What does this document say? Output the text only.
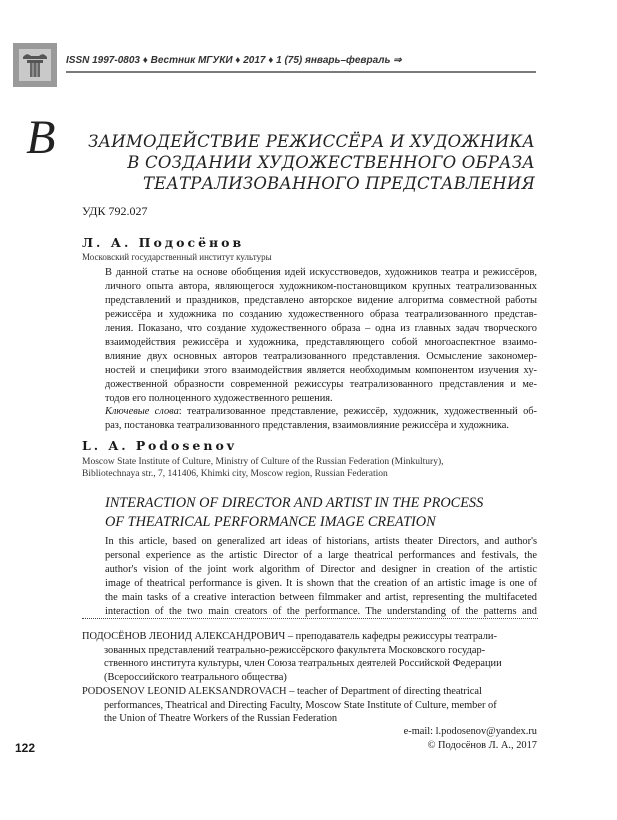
ISSN 1997-0803 ♦ Вестник МГУКИ ♦ 2017 ♦ 1 (75) январь–февраль ⇒
В ЗАИМОДЕЙСТВИЕ РЕЖИССЁРА И ХУДОЖНИКА
В СОЗДАНИИ ХУДОЖЕСТВЕННОГО ОБРАЗА
ТЕАТРАЛИЗОВАННОГО ПРЕДСТАВЛЕНИЯ
УДК 792.027
Л. А. Подосёнов
Московский государственный институт культуры
В данной статье на основе обобщения идей искусствоведов, художников театра и режиссёров,
личного опыта автора, являющегося художником-постановщиком крупных театрализованных
представлений и праздников, представлено авторское видение алгоритма совместной работы
режиссёра и художника по созданию художественного образа театрализованного представ-
ления. Показано, что создание художественного образа – одна из главных задач творческого
взаимодействия режиссёра и художника, представляющего собой многоаспектное взаимо-
влияние двух основных авторов театрализованного представления. Осмысление закономер-
ностей и специфики этого взаимодействия является необходимым компонентом изучения ху-
дожественной образности современной режиссуры театрализованного представления и ме-
тодов его полноценного художественного решения.
Ключевые слова: театрализованное представление, режиссёр, художник, художественный об-
раз, постановка театрализованного представления, взаимовлияние режиссёра и художника.
L. A. Podosenov
Moscow State Institute of Culture, Ministry of Culture of the Russian Federation (Minkultury),
Bibliotechnaya str., 7, 141406, Khimki city, Moscow region, Russian Federation
INTERACTION OF DIRECTOR AND ARTIST IN THE PROCESS
OF THEATRICAL PERFORMANCE IMAGE CREATION
In this article, based on generalized art ideas of historians, artists theater Directors, and author's
personal experience as the artistic Director of a large theatrical performances and festivals, the
author's vision of the joint work algorithm of Director and designer in creation of the artistic
image of theatrical performance is given. It is shown that the creation of an artistic image is one of
the main tasks of a creative interaction between filmmaker and artist, representing the multifaceted
interaction of the two main creators of the performance. The understanding of the patterns and
ПОДОСЁНОВ ЛЕОНИД АЛЕКСАНДРОВИЧ – преподаватель кафедры режиссуры театрали-
зованных представлений театрально-режиссёрского факультета Московского государ-
ственного института культуры, член Союза театральных деятелей Российской Федерации
(Всероссийского театрального общества)
PODOSENOV LEONID ALEKSANDROVACH – teacher of Department of directing theatrical
performances, Theatrical and Directing Faculty, Moscow State Institute of Culture, member of
the Union of Theatre Workers of the Russian Federation
e-mail: l.podosenov@yandex.ru
© Подосёнов Л. А., 2017
122
